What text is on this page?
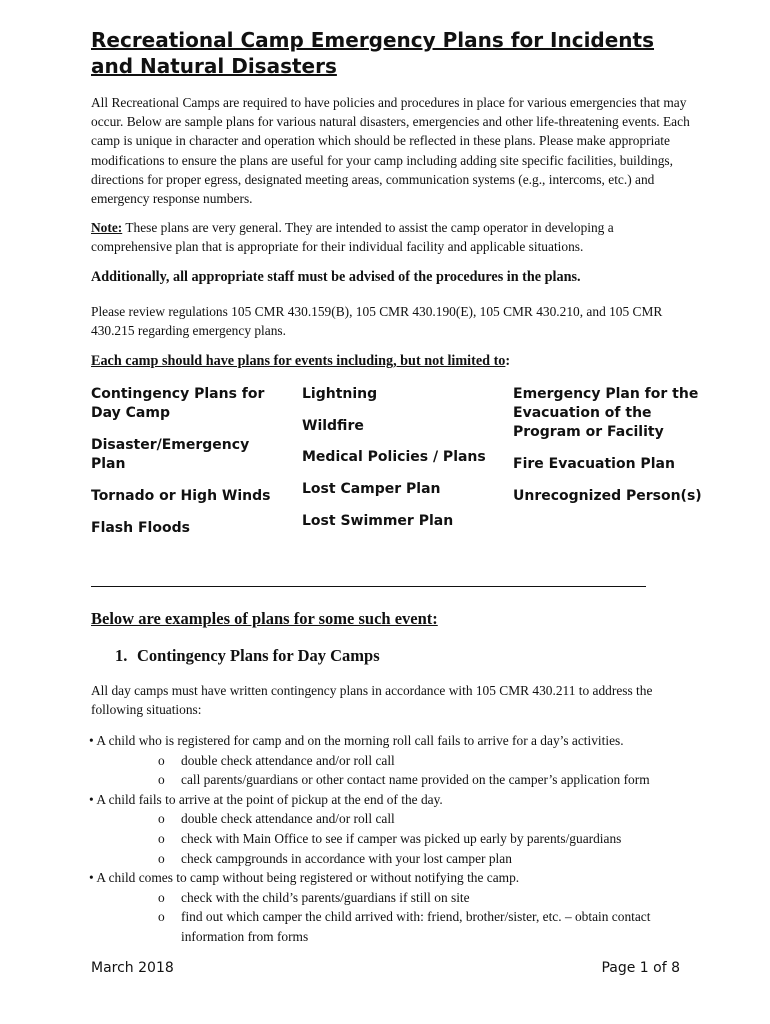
Recreational Camp Emergency Plans for Incidents and Natural Disasters
All Recreational Camps are required to have policies and procedures in place for various emergencies that may occur. Below are sample plans for various natural disasters, emergencies and other life-threatening events. Each camp is unique in character and operation which should be reflected in these plans. Please make appropriate modifications to ensure the plans are useful for your camp including adding site specific facilities, buildings, directions for proper egress, designated meeting areas, communication systems (e.g., intercoms, etc.) and emergency response numbers.
Note: These plans are very general. They are intended to assist the camp operator in developing a comprehensive plan that is appropriate for their individual facility and applicable situations.
Additionally, all appropriate staff must be advised of the procedures in the plans.
Please review regulations 105 CMR 430.159(B), 105 CMR 430.190(E), 105 CMR 430.210, and 105 CMR 430.215 regarding emergency plans.
Each camp should have plans for events including, but not limited to:
Contingency Plans for Day Camp
Disaster/Emergency Plan
Tornado or High Winds
Flash Floods
Lightning
Wildfire
Medical Policies / Plans
Lost Camper Plan
Lost Swimmer Plan
Emergency Plan for the Evacuation of the Program or Facility
Fire Evacuation Plan
Unrecognized Person(s)
Below are examples of plans for some such event:
1. Contingency Plans for Day Camps
All day camps must have written contingency plans in accordance with 105 CMR 430.211 to address the following situations:

• A child who is registered for camp and on the morning roll call fails to arrive for a day’s activities.

o double check attendance and/or roll call

o call parents/guardians or other contact name provided on the camper’s application form

• A child fails to arrive at the point of pickup at the end of the day.

o double check attendance and/or roll call

o check with Main Office to see if camper was picked up early by parents/guardians

o check campgrounds in accordance with your lost camper plan

• A child comes to camp without being registered or without notifying the camp.

o check with the child’s parents/guardians if still on site

o find out which camper the child arrived with: friend, brother/sister, etc. – obtain contact information from forms

March 2018	Page 1 of 8
